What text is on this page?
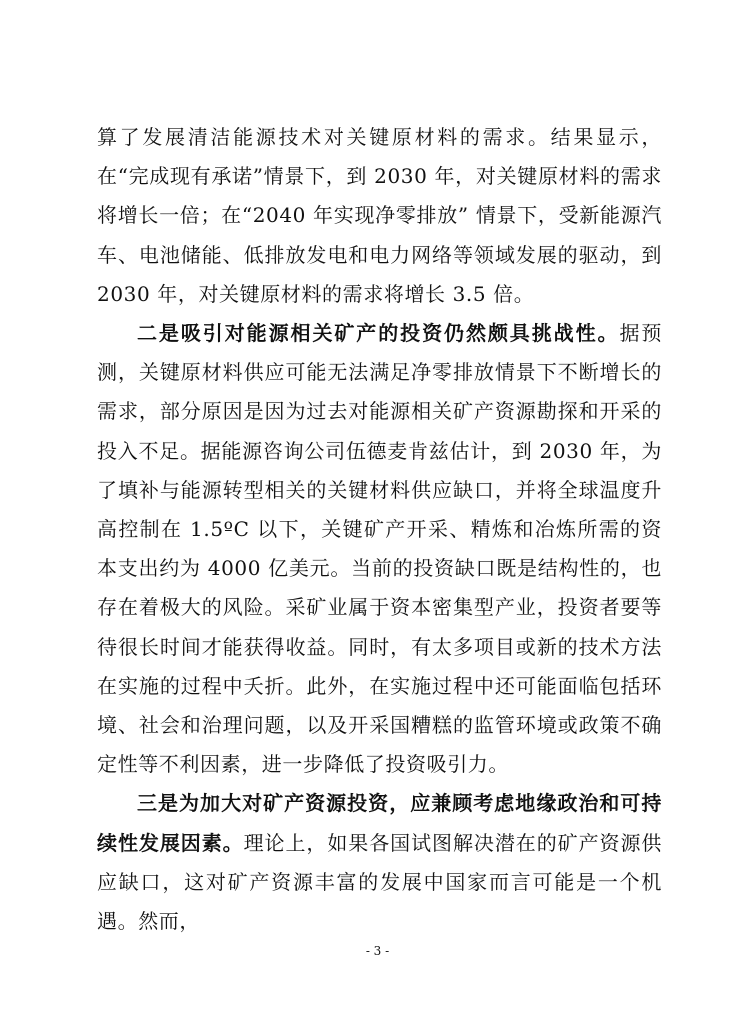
算了发展清洁能源技术对关键原材料的需求。结果显示，在“完成现有承诺”情景下，到 2030 年，对关键原材料的需求将增长一倍；在“2040 年实现净零排放” 情景下，受新能源汽车、电池储能、低排放发电和电力网络等领域发展的驱动，到 2030 年，对关键原材料的需求将增长 3.5 倍。

二是吸引对能源相关矿产的投资仍然颇具挑战性。据预测，关键原材料供应可能无法满足净零排放情景下不断增长的需求，部分原因是因为过去对能源相关矿产资源勘探和开采的投入不足。据能源咨询公司伍德麦肯兹估计，到 2030 年，为了填补与能源转型相关的关键材料供应缺口，并将全球温度升高控制在 1.5ºC 以下，关键矿产开采、精炼和冶炼所需的资本支出约为 4000 亿美元。当前的投资缺口既是结构性的，也存在着极大的风险。采矿业属于资本密集型产业，投资者要等待很长时间才能获得收益。同时，有太多项目或新的技术方法在实施的过程中夭折。此外，在实施过程中还可能面临包括环境、社会和治理问题，以及开采国糟糕的监管环境或政策不确定性等不利因素，进一步降低了投资吸引力。

三是为加大对矿产资源投资，应兼顾考虑地缘政治和可持续性发展因素。理论上，如果各国试图解决潜在的矿产资源供应缺口，这对矿产资源丰富的发展中国家而言可能是一个机遇。然而，

- 3 -
